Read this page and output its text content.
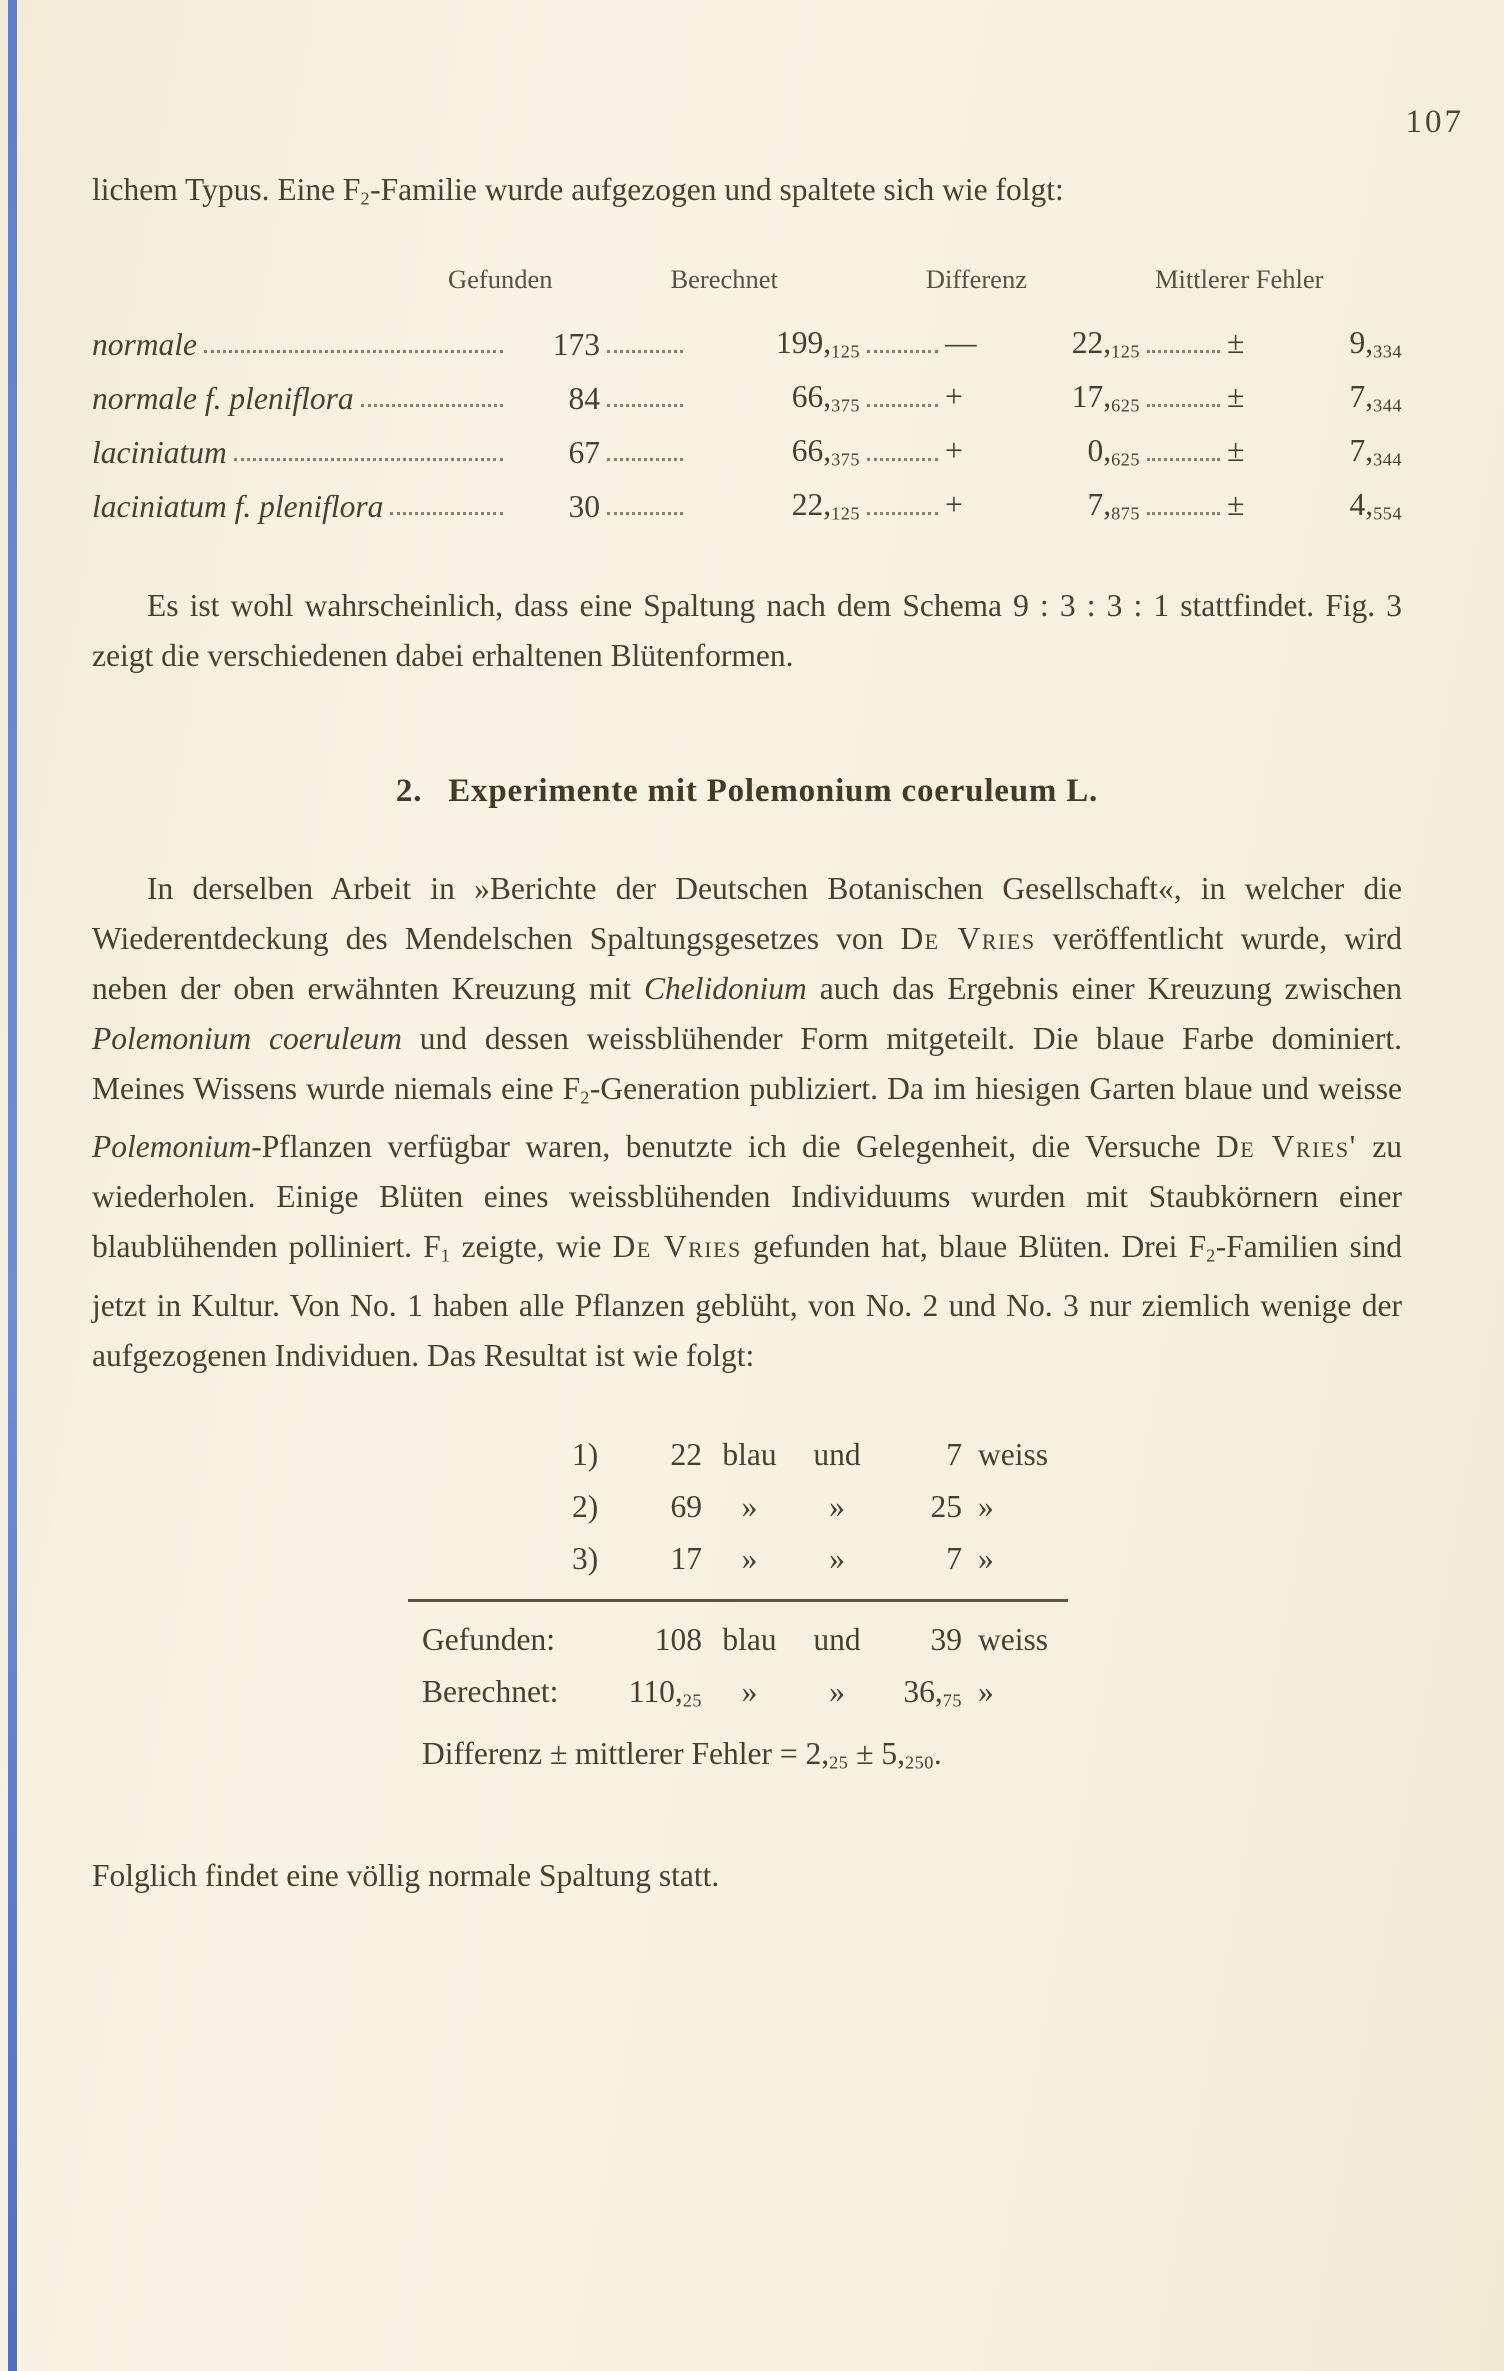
107

lichem Typus. Eine F2-Familie wurde aufgezogen und spaltete sich wie folgt:

Gefunden	Berechnet	Differenz	Mittlerer Fehler
normale	173	199,125	—	22,125	±	9,334
normale f. pleniflora	84	66,375	+	17,625	±	7,344
laciniatum	67	66,375	+	0,625	±	7,344
laciniatum f. pleniflora	30	22,125	+	7,875	±	4,554

Es ist wohl wahrscheinlich, dass eine Spaltung nach dem Schema 9 : 3 : 3 : 1 stattfindet. Fig. 3 zeigt die verschiedenen dabei erhaltenen Blütenformen.

2. Experimente mit Polemonium coeruleum L.

In derselben Arbeit in »Berichte der Deutschen Botanischen Gesellschaft«, in welcher die Wiederentdeckung des Mendelschen Spaltungsgesetzes von De Vries veröffentlicht wurde, wird neben der oben erwähnten Kreuzung mit Chelidonium auch das Ergebnis einer Kreuzung zwischen Polemonium coeruleum und dessen weissblühender Form mitgeteilt. Die blaue Farbe dominiert. Meines Wissens wurde niemals eine F2-Generation publiziert. Da im hiesigen Garten blaue und weisse Polemonium-Pflanzen verfügbar waren, benutzte ich die Gelegenheit, die Versuche De Vries' zu wiederholen. Einige Blüten eines weissblühenden Individuums wurden mit Staubkörnern einer blaublühenden polliniert. F1 zeigte, wie De Vries gefunden hat, blaue Blüten. Drei F2-Familien sind jetzt in Kultur. Von No. 1 haben alle Pflanzen geblüht, von No. 2 und No. 3 nur ziemlich wenige der aufgezogenen Individuen. Das Resultat ist wie folgt:

1)	22 blau	und	7 weiss
2)	69	»	»	25 »
3)	17	»	»	7 »
Gefunden:	108 blau	und	39 weiss
Berechnet:	110,25	»	»	36,75 »
Differenz ± mittlerer Fehler = 2,25 ± 5,250.

Folglich findet eine völlig normale Spaltung statt.
